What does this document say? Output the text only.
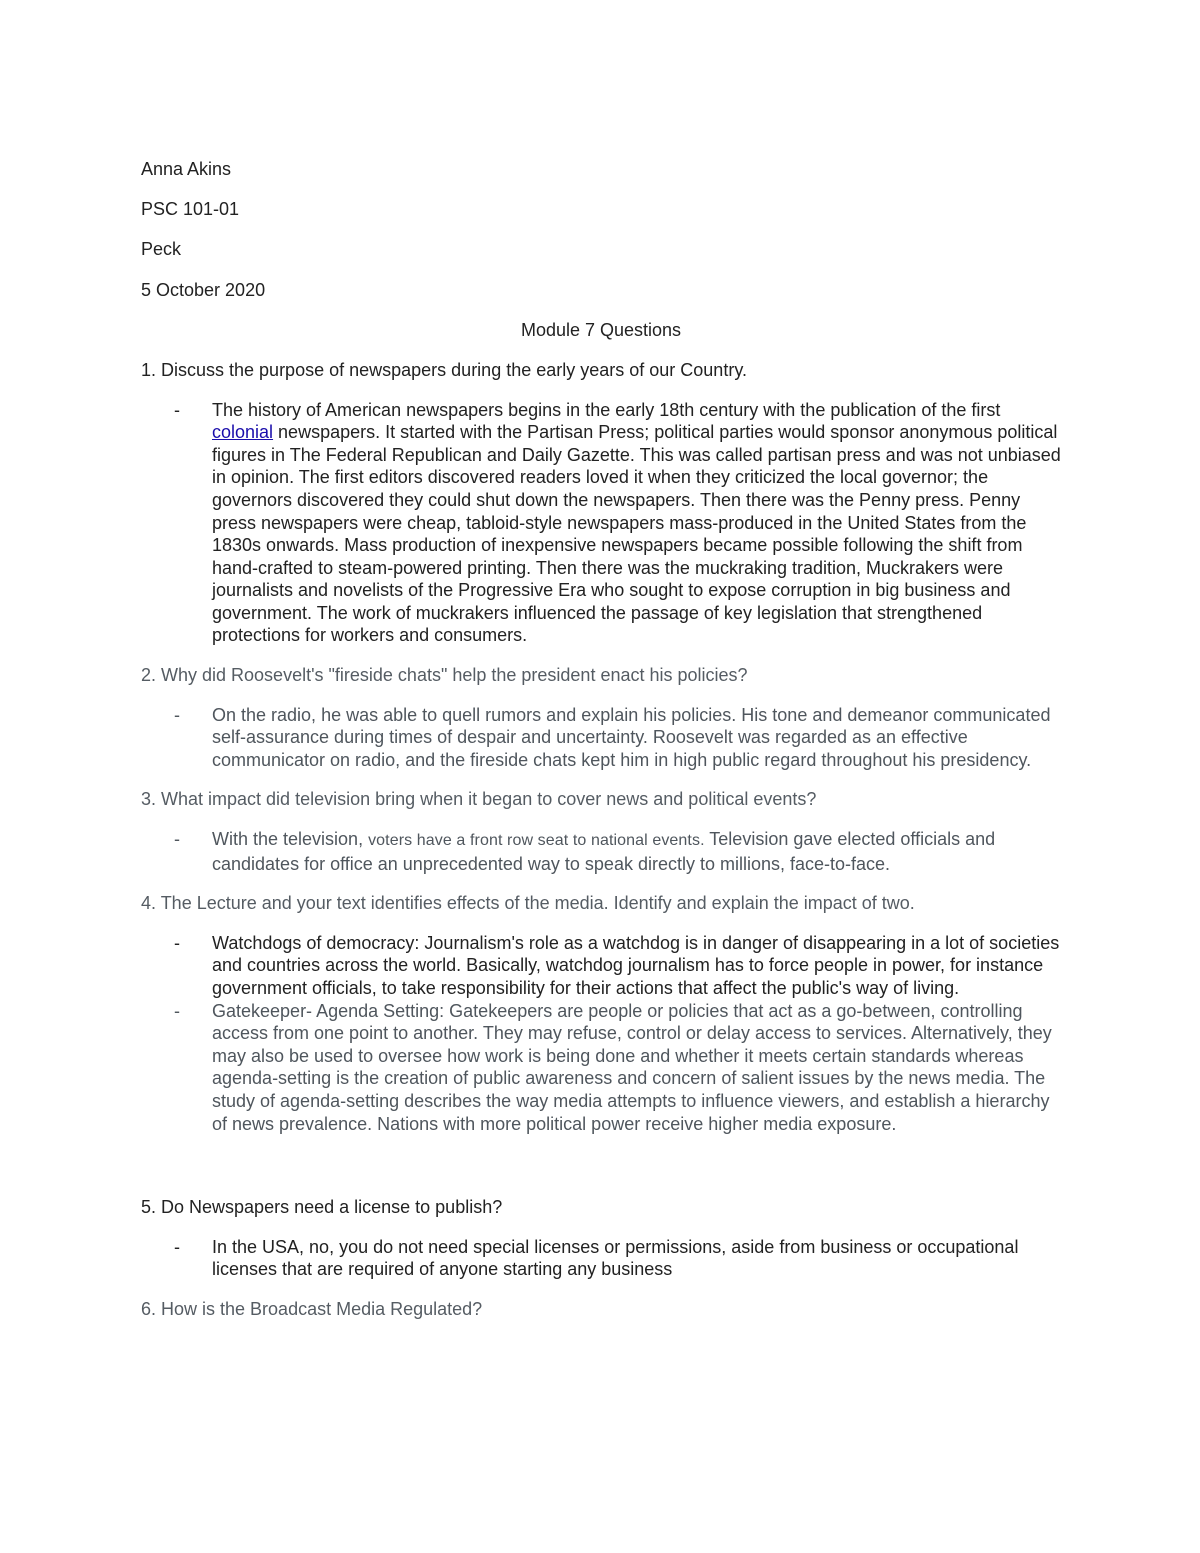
Anna Akins

PSC 101-01

Peck

5 October 2020

Module 7 Questions

1. Discuss the purpose of newspapers during the early years of our Country.

- The history of American newspapers begins in the early 18th century with the publication of the first colonial newspapers. It started with the Partisan Press; political parties would sponsor anonymous political figures in The Federal Republican and Daily Gazette. This was called partisan press and was not unbiased in opinion. The first editors discovered readers loved it when they criticized the local governor; the governors discovered they could shut down the newspapers. Then there was the Penny press. Penny press newspapers were cheap, tabloid-style newspapers mass-produced in the United States from the 1830s onwards. Mass production of inexpensive newspapers became possible following the shift from hand-crafted to steam-powered printing. Then there was the muckraking tradition, Muckrakers were journalists and novelists of the Progressive Era who sought to expose corruption in big business and government. The work of muckrakers influenced the passage of key legislation that strengthened protections for workers and consumers.

2. Why did Roosevelt's "fireside chats" help the president enact his policies?

- On the radio, he was able to quell rumors and explain his policies. His tone and demeanor communicated self-assurance during times of despair and uncertainty. Roosevelt was regarded as an effective communicator on radio, and the fireside chats kept him in high public regard throughout his presidency.

3. What impact did television bring when it began to cover news and political events?

- With the television, voters have a front row seat to national events. Television gave elected officials and candidates for office an unprecedented way to speak directly to millions, face-to-face.

4. The Lecture and your text identifies effects of the media. Identify and explain the impact of two.

- Watchdogs of democracy: Journalism's role as a watchdog is in danger of disappearing in a lot of societies and countries across the world. Basically, watchdog journalism has to force people in power, for instance government officials, to take responsibility for their actions that affect the public's way of living.
- Gatekeeper- Agenda Setting: Gatekeepers are people or policies that act as a go-between, controlling access from one point to another. They may refuse, control or delay access to services. Alternatively, they may also be used to oversee how work is being done and whether it meets certain standards whereas agenda-setting is the creation of public awareness and concern of salient issues by the news media. The study of agenda-setting describes the way media attempts to influence viewers, and establish a hierarchy of news prevalence. Nations with more political power receive higher media exposure.

5. Do Newspapers need a license to publish?

- In the USA, no, you do not need special licenses or permissions, aside from business or occupational licenses that are required of anyone starting any business

6. How is the Broadcast Media Regulated?
